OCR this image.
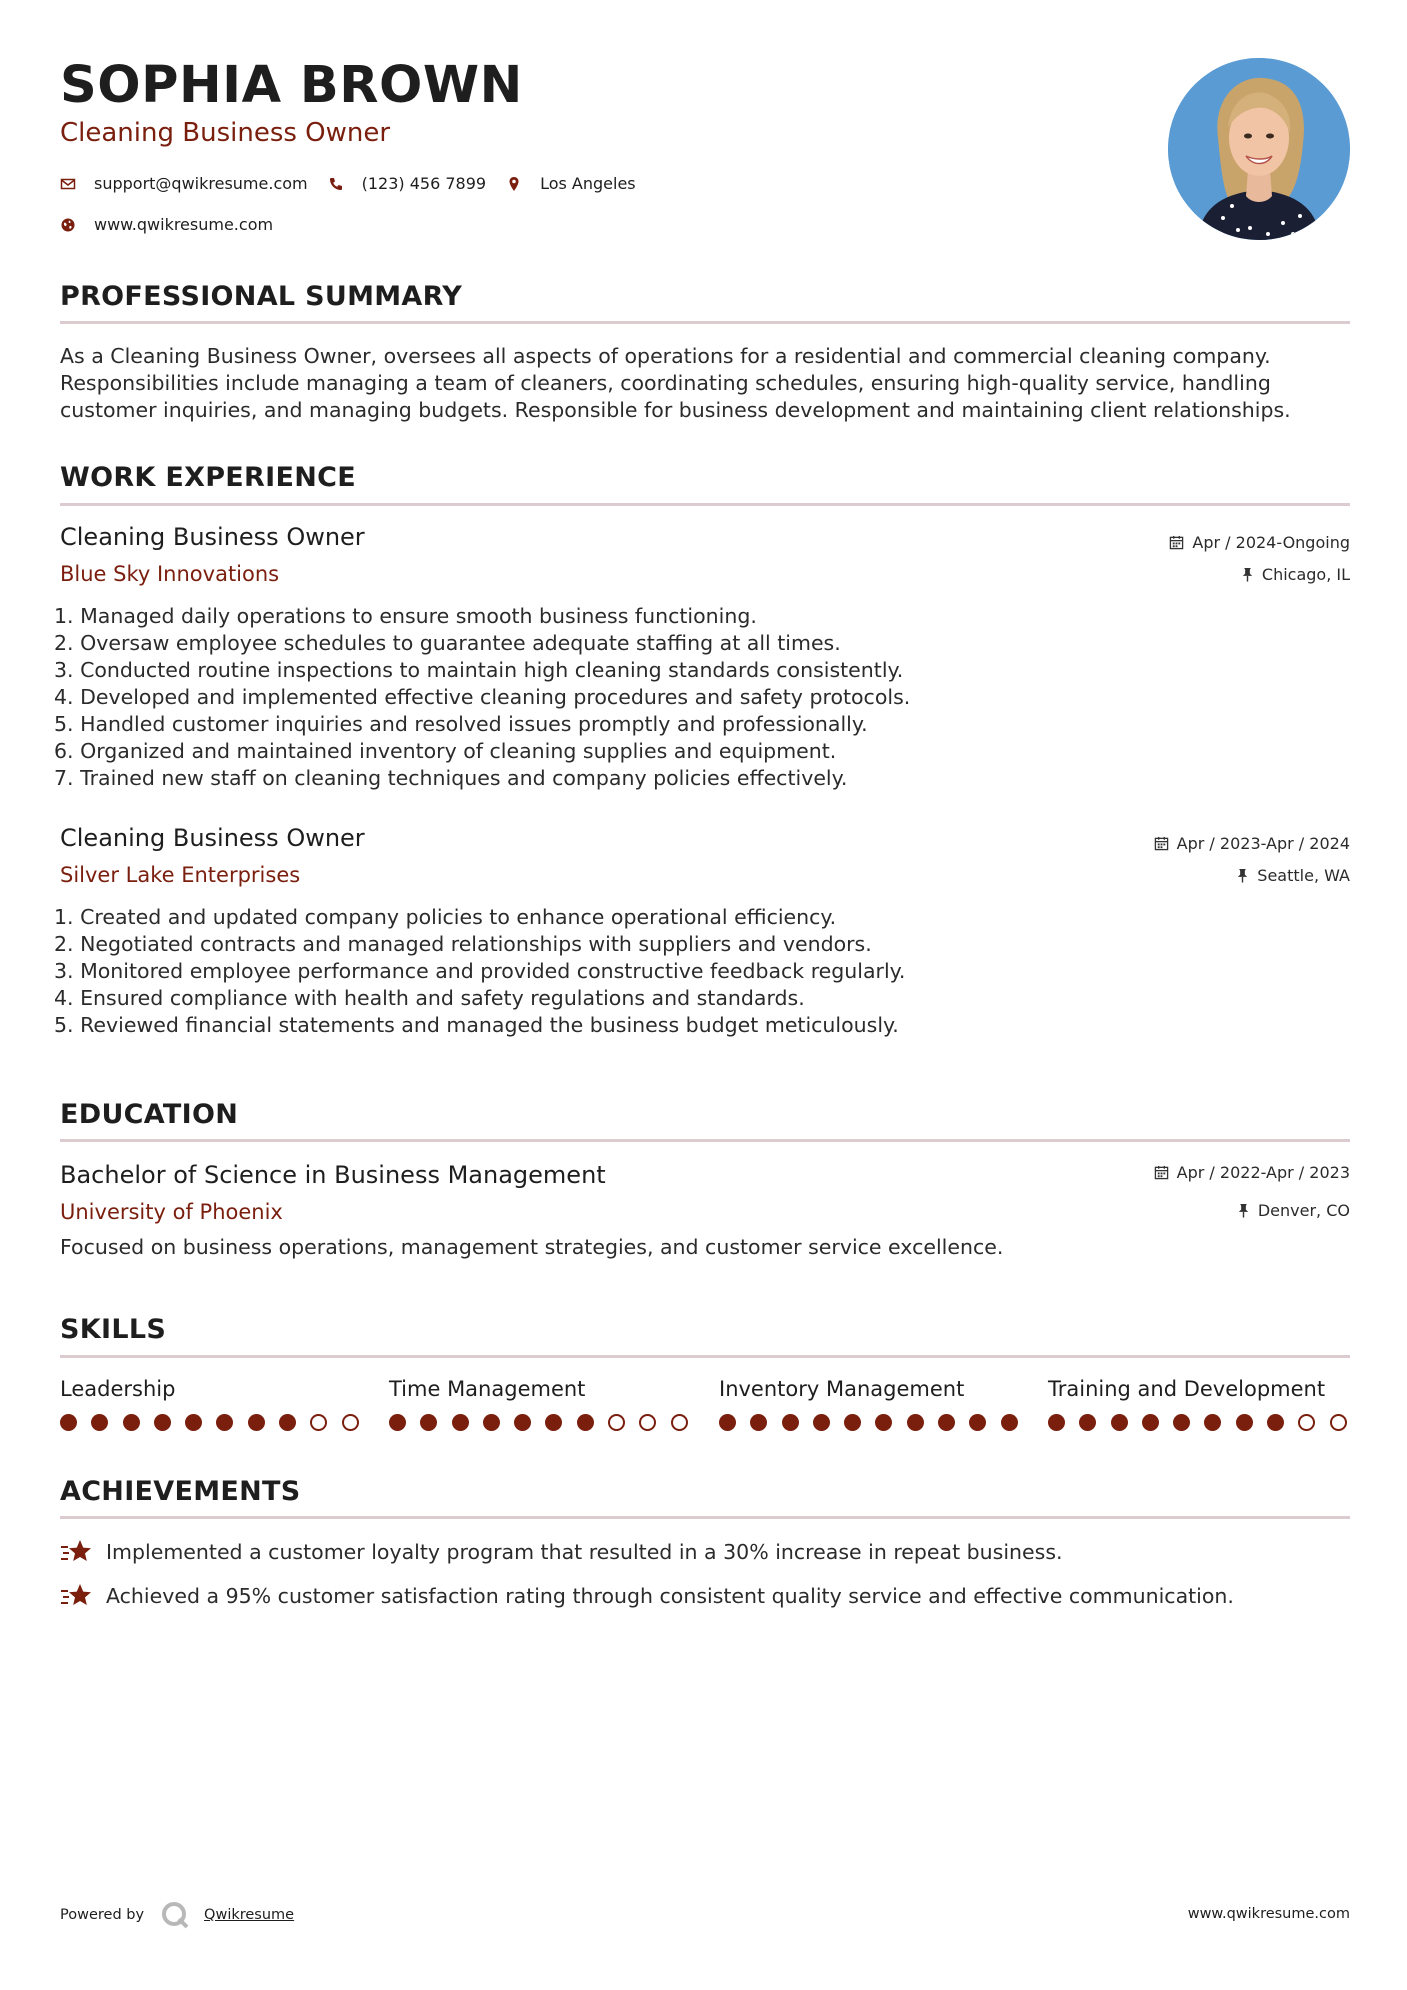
SOPHIA BROWN
Cleaning Business Owner
support@qwikresume.com	(123) 456 7899	Los Angeles
www.qwikresume.com
PROFESSIONAL SUMMARY
As a Cleaning Business Owner, oversees all aspects of operations for a residential and commercial cleaning company. Responsibilities include managing a team of cleaners, coordinating schedules, ensuring high-quality service, handling customer inquiries, and managing budgets. Responsible for business development and maintaining client relationships.
WORK EXPERIENCE
Cleaning Business Owner
Blue Sky Innovations
Apr / 2024-Ongoing
Chicago, IL
1. Managed daily operations to ensure smooth business functioning.
2. Oversaw employee schedules to guarantee adequate staffing at all times.
3. Conducted routine inspections to maintain high cleaning standards consistently.
4. Developed and implemented effective cleaning procedures and safety protocols.
5. Handled customer inquiries and resolved issues promptly and professionally.
6. Organized and maintained inventory of cleaning supplies and equipment.
7. Trained new staff on cleaning techniques and company policies effectively.
Cleaning Business Owner
Silver Lake Enterprises
Apr / 2023-Apr / 2024
Seattle, WA
1. Created and updated company policies to enhance operational efficiency.
2. Negotiated contracts and managed relationships with suppliers and vendors.
3. Monitored employee performance and provided constructive feedback regularly.
4. Ensured compliance with health and safety regulations and standards.
5. Reviewed financial statements and managed the business budget meticulously.
EDUCATION
Bachelor of Science in Business Management
University of Phoenix
Apr / 2022-Apr / 2023
Denver, CO
Focused on business operations, management strategies, and customer service excellence.
SKILLS
Leadership	Time Management	Inventory Management	Training and Development
ACHIEVEMENTS
Implemented a customer loyalty program that resulted in a 30% increase in repeat business.
Achieved a 95% customer satisfaction rating through consistent quality service and effective communication.
Powered by	Qwikresume	www.qwikresume.com
